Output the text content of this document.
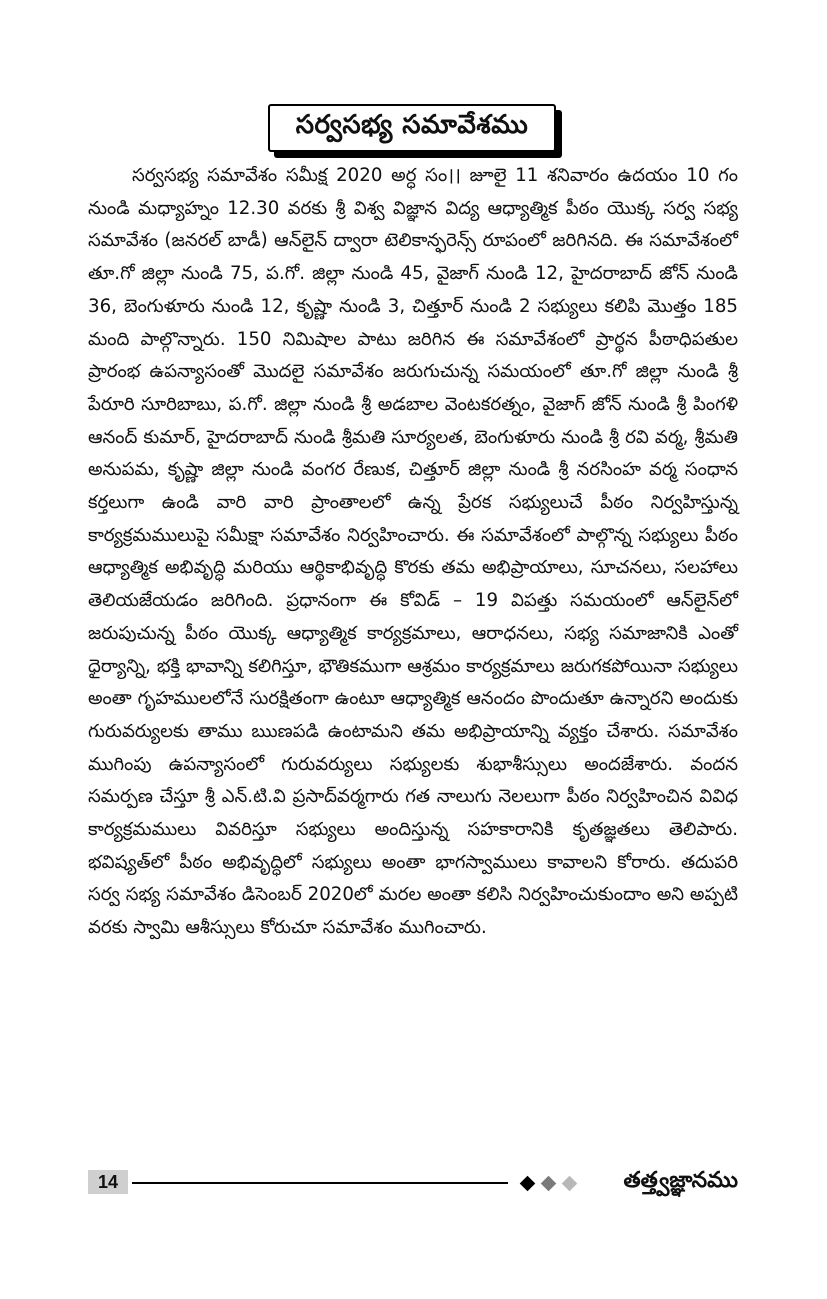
సర్వసభ్య సమావేశము

సర్వసభ్య సమావేశం సమీక్ష 2020 అర్ధ సం।। జూలై 11 శనివారం ఉదయం 10 గం నుండి మధ్యాహ్నం 12.30 వరకు శ్రీ విశ్వ విజ్ఞాన విద్య ఆధ్యాత్మిక పీఠం యొక్క సర్వ సభ్య సమావేశం (జనరల్ బాడీ) ఆన్‌లైన్ ద్వారా టెలికాన్ఫరెన్స్ రూపంలో జరిగినది. ఈ సమావేశంలో తూ.గో జిల్లా నుండి 75, ప.గో. జిల్లా నుండి 45, వైజాగ్ నుండి 12, హైదరాబాద్ జోన్ నుండి 36, బెంగుళూరు నుండి 12, కృష్ణా నుండి 3, చిత్తూర్ నుండి 2 సభ్యులు కలిపి మొత్తం 185 మంది పాల్గొన్నారు. 150 నిమిషాల పాటు జరిగిన ఈ సమావేశంలో ప్రార్థన పీఠాధిపతుల ప్రారంభ ఉపన్యాసంతో మొదలై సమావేశం జరుగుచున్న సమయంలో తూ.గో జిల్లా నుండి శ్రీ పేరూరి సూరిబాబు, ప.గో. జిల్లా నుండి శ్రీ అడబాల వెంటకరత్నం, వైజాగ్ జోన్ నుండి శ్రీ పింగళి ఆనంద్ కుమార్, హైదరాబాద్ నుండి శ్రీమతి సూర్యలత, బెంగుళూరు నుండి శ్రీ రవి వర్మ, శ్రీమతి అనుపమ, కృష్ణా జిల్లా నుండి వంగర రేణుక, చిత్తూర్ జిల్లా నుండి శ్రీ నరసింహ వర్మ సంధాన కర్తలుగా ఉండి వారి వారి ప్రాంతాలలో ఉన్న ప్రేరక సభ్యులుచే పీఠం నిర్వహిస్తున్న కార్యక్రమములుపై సమీక్షా సమావేశం నిర్వహించారు. ఈ సమావేశంలో పాల్గొన్న సభ్యులు పీఠం ఆధ్యాత్మిక అభివృద్ధి మరియు ఆర్థికాభివృద్ధి కొరకు తమ అభిప్రాయాలు, సూచనలు, సలహాలు తెలియజేయడం జరిగింది. ప్రధానంగా ఈ కోవిడ్ – 19 విపత్తు సమయంలో ఆన్‌లైన్‌లో జరుపుచున్న పీఠం యొక్క ఆధ్యాత్మిక కార్యక్రమాలు, ఆరాధనలు, సభ్య సమాజానికి ఎంతో ధైర్యాన్ని, భక్తి భావాన్ని కలిగిస్తూ, భౌతికముగా ఆశ్రమం కార్యక్రమాలు జరుగకపోయినా సభ్యులు అంతా గృహములలోనే సురక్షితంగా ఉంటూ ఆధ్యాత్మిక ఆనందం పొందుతూ ఉన్నారని అందుకు గురువర్యులకు తాము ఋణపడి ఉంటామని తమ అభిప్రాయాన్ని వ్యక్తం చేశారు. సమావేశం ముగింపు ఉపన్యాసంలో గురువర్యులు సభ్యులకు శుభాశీస్సులు అందజేశారు. వందన సమర్పణ చేస్తూ శ్రీ ఎన్.టి.వి ప్రసాద్‌వర్మగారు గత నాలుగు నెలలుగా పీఠం నిర్వహించిన వివిధ కార్యక్రమములు వివరిస్తూ సభ్యులు అందిస్తున్న సహకారానికి కృతజ్ఞతలు తెలిపారు. భవిష్యత్‌లో పీఠం అభివృద్ధిలో సభ్యులు అంతా భాగస్వాములు కావాలని కోరారు. తదుపరి సర్వ సభ్య సమావేశం డిసెంబర్ 2020లో మరల అంతా కలిసి నిర్వహించుకుందాం అని అప్పటి వరకు స్వామి ఆశీస్సులు కోరుచూ సమావేశం ముగించారు.

14	తత్త్వజ్ఞానము
